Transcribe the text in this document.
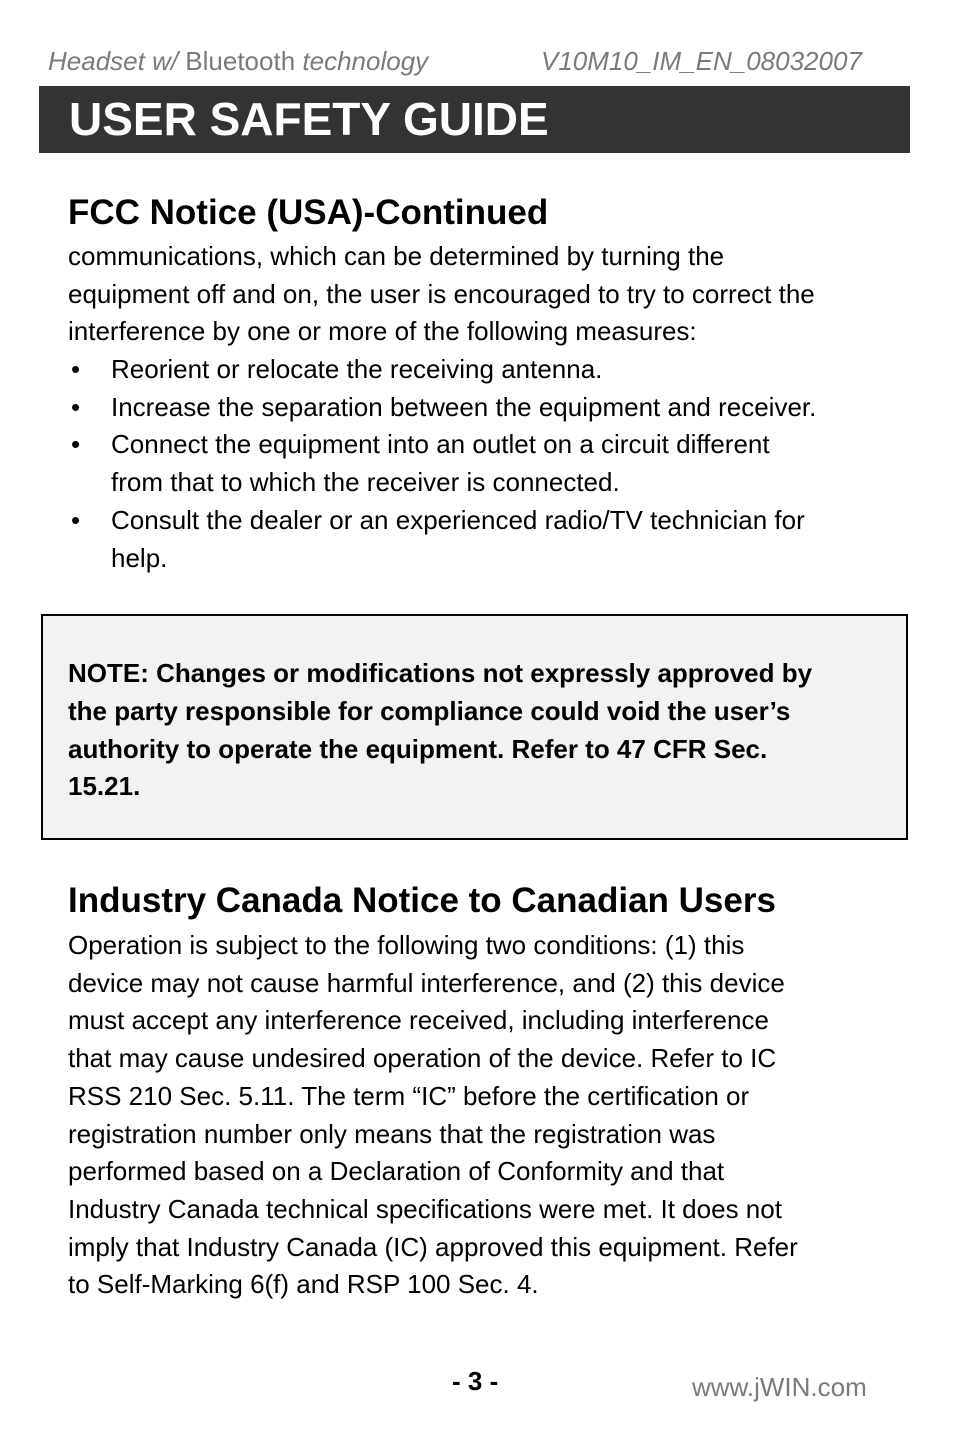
Headset w/ Bluetooth technology	V10M10_IM_EN_08032007
USER SAFETY GUIDE
FCC Notice (USA)-Continued

communications, which can be determined by turning the
equipment off and on, the user is encouraged to try to correct the
interference by one or more of the following measures:

• Reorient or relocate the receiving antenna.
• Increase the separation between the equipment and receiver.
• Connect the equipment into an outlet on a circuit different
from that to which the receiver is connected.
• Consult the dealer or an experienced radio/TV technician for
help.

NOTE: Changes or modifications not expressly approved by
the party responsible for compliance could void the user’s
authority to operate the equipment. Refer to 47 CFR Sec.
15.21.

Industry Canada Notice to Canadian Users

Operation is subject to the following two conditions: (1) this
device may not cause harmful interference, and (2) this device
must accept any interference received, including interference
that may cause undesired operation of the device. Refer to IC
RSS 210 Sec. 5.11. The term “IC” before the certification or
registration number only means that the registration was
performed based on a Declaration of Conformity and that
Industry Canada technical specifications were met. It does not
imply that Industry Canada (IC) approved this equipment. Refer
to Self-Marking 6(f) and RSP 100 Sec. 4.

- 3 -	www.jWIN.com
